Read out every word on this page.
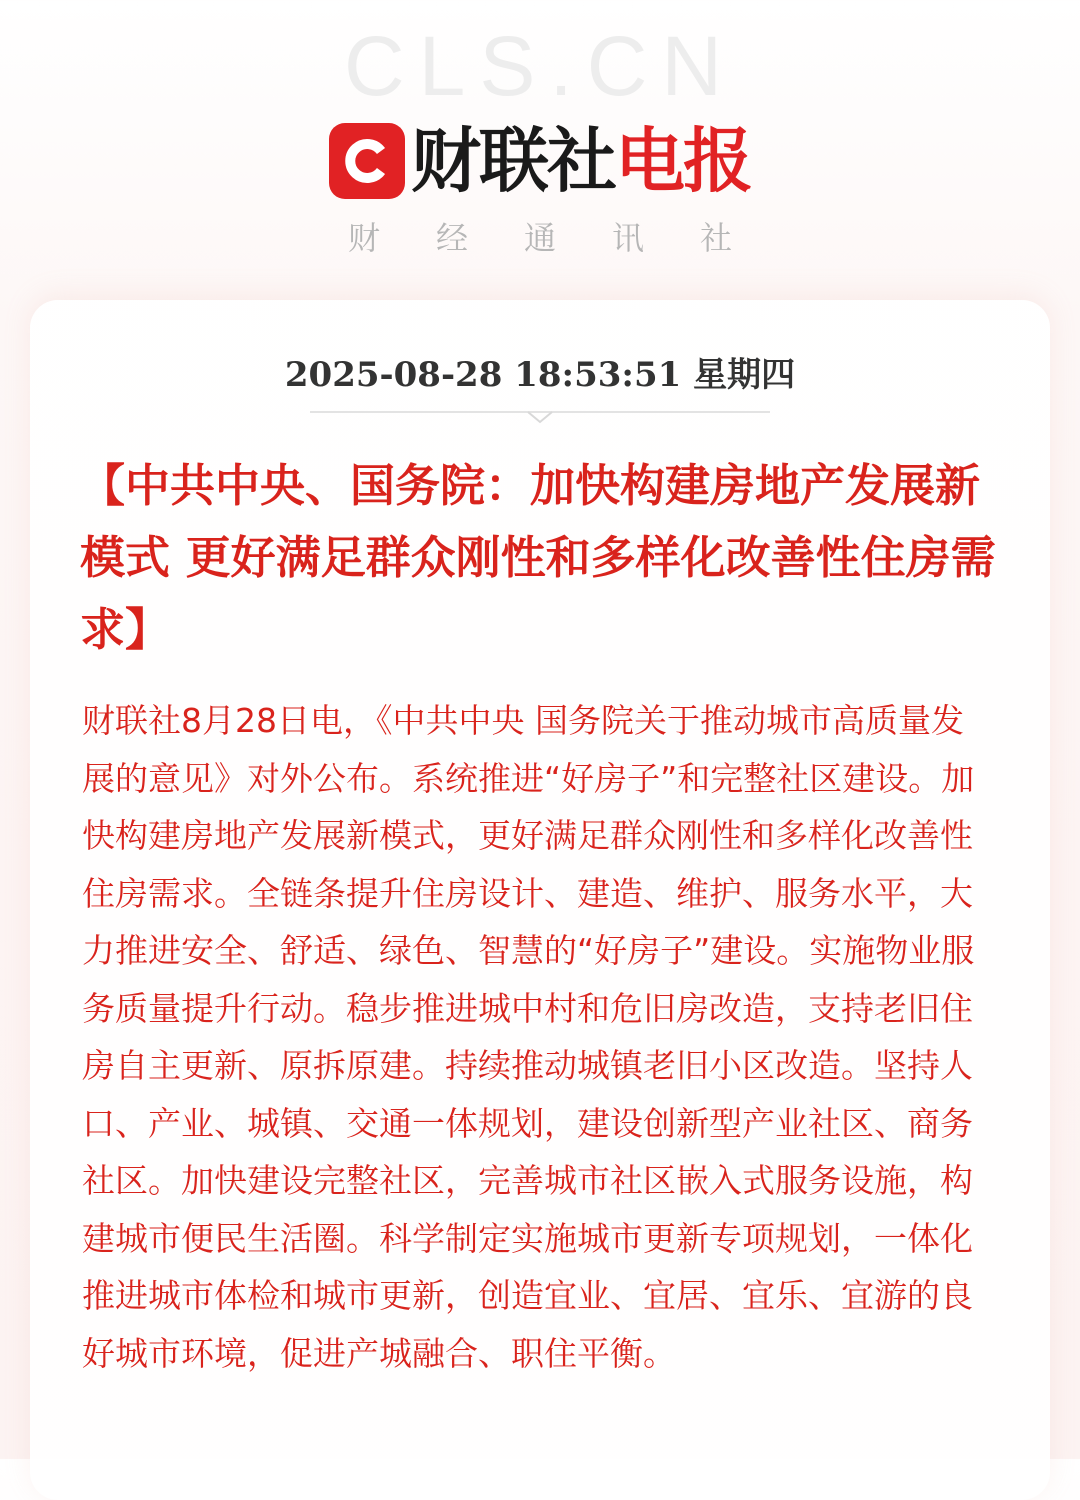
CLS.CN
财联社 电报
财经通讯社
2025-08-28 18:53:51 星期四
【中共中央、国务院：加快构建房地产发展新模式 更好满足群众刚性和多样化改善性住房需求】

财联社8月28日电，《中共中央 国务院关于推动城市高质量发展的意见》对外公布。系统推进“好房子”和完整社区建设。加快构建房地产发展新模式，更好满足群众刚性和多样化改善性住房需求。全链条提升住房设计、建造、维护、服务水平，大力推进安全、舒适、绿色、智慧的“好房子”建设。实施物业服务质量提升行动。稳步推进城中村和危旧房改造，支持老旧住房自主更新、原拆原建。持续推动城镇老旧小区改造。坚持人口、产业、城镇、交通一体规划，建设创新型产业社区、商务社区。加快建设完整社区，完善城市社区嵌入式服务设施，构建城市便民生活圈。科学制定实施城市更新专项规划，一体化推进城市体检和城市更新，创造宜业、宜居、宜乐、宜游的良好城市环境，促进产城融合、职住平衡。
